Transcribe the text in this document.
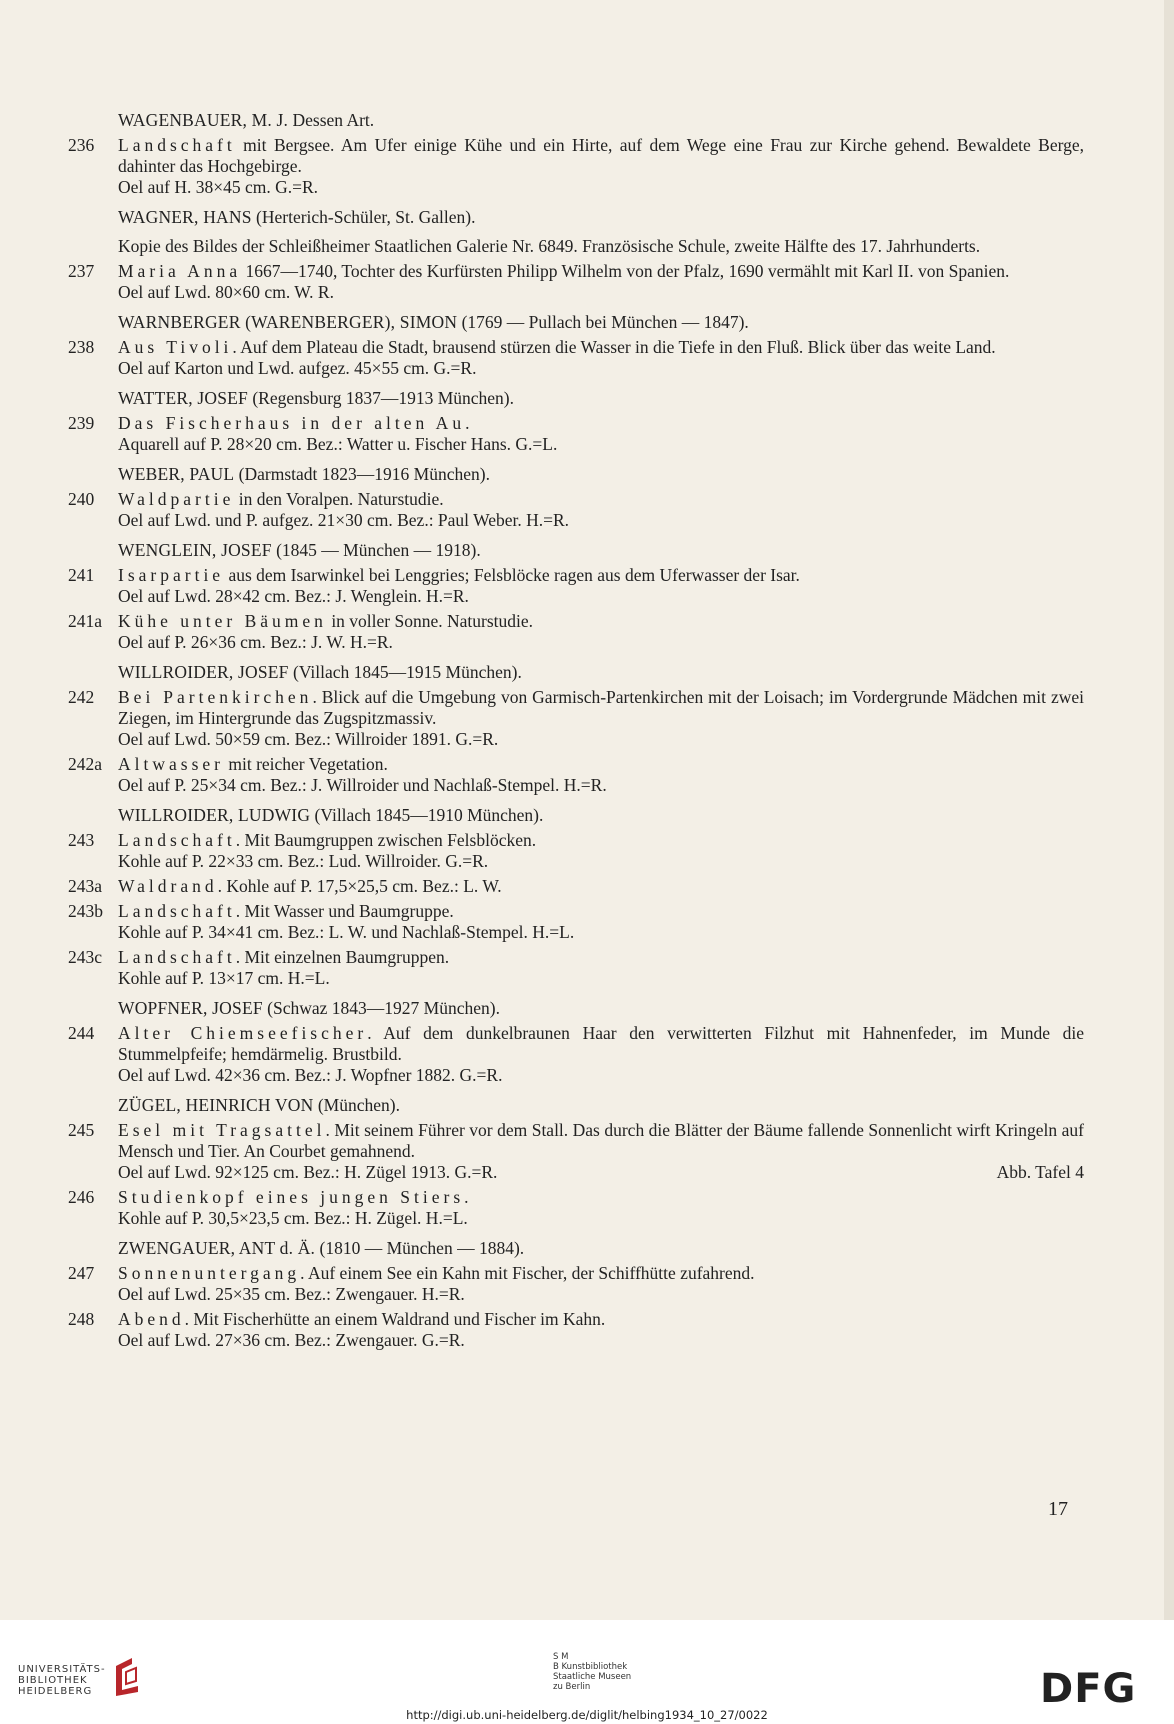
WAGENBAUER, M. J. Dessen Art.
236	Landschaft mit Bergsee. Am Ufer einige Kühe und ein Hirte, auf dem Wege eine Frau zur Kirche gehend. Bewaldete Berge, dahinter das Hochgebirge.
Oel auf H. 38×45 cm. G.=R.
WAGNER, HANS (Herterich-Schüler, St. Gallen).
Kopie des Bildes der Schleißheimer Staatlichen Galerie Nr. 6849. Französische Schule, zweite Hälfte des 17. Jahrhunderts.
237	Maria Anna 1667—1740, Tochter des Kurfürsten Philipp Wilhelm von der Pfalz, 1690 vermählt mit Karl II. von Spanien.
Oel auf Lwd. 80×60 cm. W. R.
WARNBERGER (WARENBERGER), SIMON (1769 — Pullach bei München — 1847).
238	Aus Tivoli. Auf dem Plateau die Stadt, brausend stürzen die Wasser in die Tiefe in den Fluß. Blick über das weite Land.
Oel auf Karton und Lwd. aufgez. 45×55 cm. G.=R.
WATTER, JOSEF (Regensburg 1837—1913 München).
239	Das Fischerhaus in der alten Au.
Aquarell auf P. 28×20 cm. Bez.: Watter u. Fischer Hans. G.=L.
WEBER, PAUL (Darmstadt 1823—1916 München).
240	Waldpartie in den Voralpen. Naturstudie.
Oel auf Lwd. und P. aufgez. 21×30 cm. Bez.: Paul Weber. H.=R.
WENGLEIN, JOSEF (1845 — München — 1918).
241	Isarpartie aus dem Isarwinkel bei Lenggries; Felsblöcke ragen aus dem Uferwasser der Isar.
Oel auf Lwd. 28×42 cm. Bez.: J. Wenglein. H.=R.
241a Kühe unter Bäumen in voller Sonne. Naturstudie.
Oel auf P. 26×36 cm. Bez.: J. W. H.=R.
WILLROIDER, JOSEF (Villach 1845—1915 München).
242	Bei Partenkirchen. Blick auf die Umgebung von Garmisch-Partenkirchen mit der Loisach; im Vordergrunde Mädchen mit zwei Ziegen, im Hintergrunde das Zugspitzmassiv.
Oel auf Lwd. 50×59 cm. Bez.: Willroider 1891. G.=R.
242a Altwasser mit reicher Vegetation.
Oel auf P. 25×34 cm. Bez.: J. Willroider und Nachlaß-Stempel. H.=R.
WILLROIDER, LUDWIG (Villach 1845—1910 München).
243	Landschaft. Mit Baumgruppen zwischen Felsblöcken.
Kohle auf P. 22×33 cm. Bez.: Lud. Willroider. G.=R.
243a Waldrand. Kohle auf P. 17,5×25,5 cm. Bez.: L. W.
243b Landschaft. Mit Wasser und Baumgruppe.
Kohle auf P. 34×41 cm. Bez.: L. W. und Nachlaß-Stempel. H.=L.
243c Landschaft. Mit einzelnen Baumgruppen.
Kohle auf P. 13×17 cm. H.=L.
WOPFNER, JOSEF (Schwaz 1843—1927 München).
244	Alter Chiemseefischer. Auf dem dunkelbraunen Haar den verwitterten Filzhut mit Hahnenfeder, im Munde die Stummelpfeife; hemdärmelig. Brustbild.
Oel auf Lwd. 42×36 cm. Bez.: J. Wopfner 1882. G.=R.
ZÜGEL, HEINRICH VON (München).
245	Esel mit Tragsattel. Mit seinem Führer vor dem Stall. Das durch die Blätter der Bäume fallende Sonnenlicht wirft Kringeln auf Mensch und Tier. An Courbet gemahnend.
Oel auf Lwd. 92×125 cm. Bez.: H. Zügel 1913. G.=R.	Abb. Tafel 4
246	Studienkopf eines jungen Stiers.
Kohle auf P. 30,5×23,5 cm. Bez.: H. Zügel. H.=L.
ZWENGAUER, ANT d. Ä. (1810 — München — 1884).
247	Sonnenuntergang. Auf einem See ein Kahn mit Fischer, der Schiffhütte zufahrend.
Oel auf Lwd. 25×35 cm. Bez.: Zwengauer. H.=R.
248	Abend. Mit Fischerhütte an einem Waldrand und Fischer im Kahn.
Oel auf Lwd. 27×36 cm. Bez.: Zwengauer. G.=R.
17
UNIVERSITÄTS-
BIBLIOTHEK
HEIDELBERG
S M
B Kunstbibliothek
Staatliche Museen
zu Berlin	DFG
http://digi.ub.uni-heidelberg.de/diglit/helbing1934_10_27/0022
